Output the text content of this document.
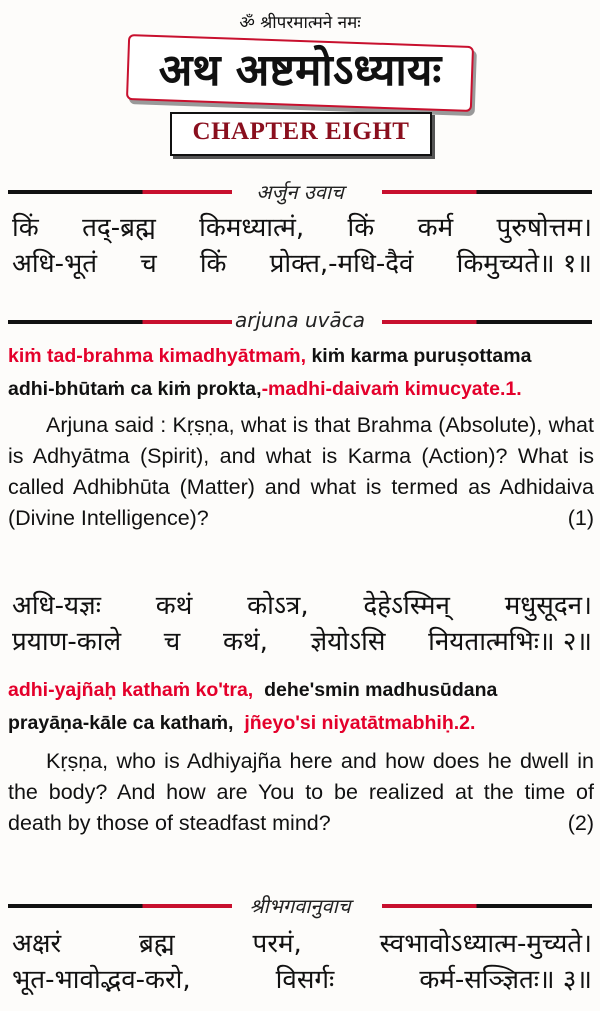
ॐ श्रीपरमात्मने नमः
अथ अष्टमोऽध्यायः
CHAPTER EIGHT
अर्जुन उवाच
किं तद्-ब्रह्म किमध्यात्मं, किं कर्म पुरुषोत्तम।
अधि-भूतं च किं प्रोक्त,-मधि-दैवं किमुच्यते॥ १॥
arjuna uvāca
kiṁ tad-brahma kimadhyātmaṁ, kiṁ karma puruṣottama
adhi-bhūtaṁ ca kiṁ prokta,-madhi-daivaṁ kimucyate.1.

Arjuna said : Kṛṣṇa, what is that Brahma (Absolute), what is Adhyātma (Spirit), and what is Karma (Action)? What is called Adhibhūta (Matter) and what is termed as Adhidaiva (Divine Intelligence)?	(1)

अधि-यज्ञः कथं कोऽत्र, देहेऽस्मिन् मधुसूदन।
प्रयाण-काले च कथं, ज्ञेयोऽसि नियतात्मभिः॥ २॥
adhi-yajñaḥ kathaṁ ko'tra, dehe'smin madhusūdana
prayāṇa-kāle ca kathaṁ, jñeyo'si niyatātmabhiḥ.2.

Kṛṣṇa, who is Adhiyajña here and how does he dwell in the body? And how are You to be realized at the time of death by those of steadfast mind?	(2)

श्रीभगवानुवाच
अक्षरं	ब्रह्म	परमं,	स्वभावोऽध्यात्म-मुच्यते।
भूत-भावोद्भव-करो,	विसर्गः	कर्म-सञ्ज्ञितः॥ ३॥
